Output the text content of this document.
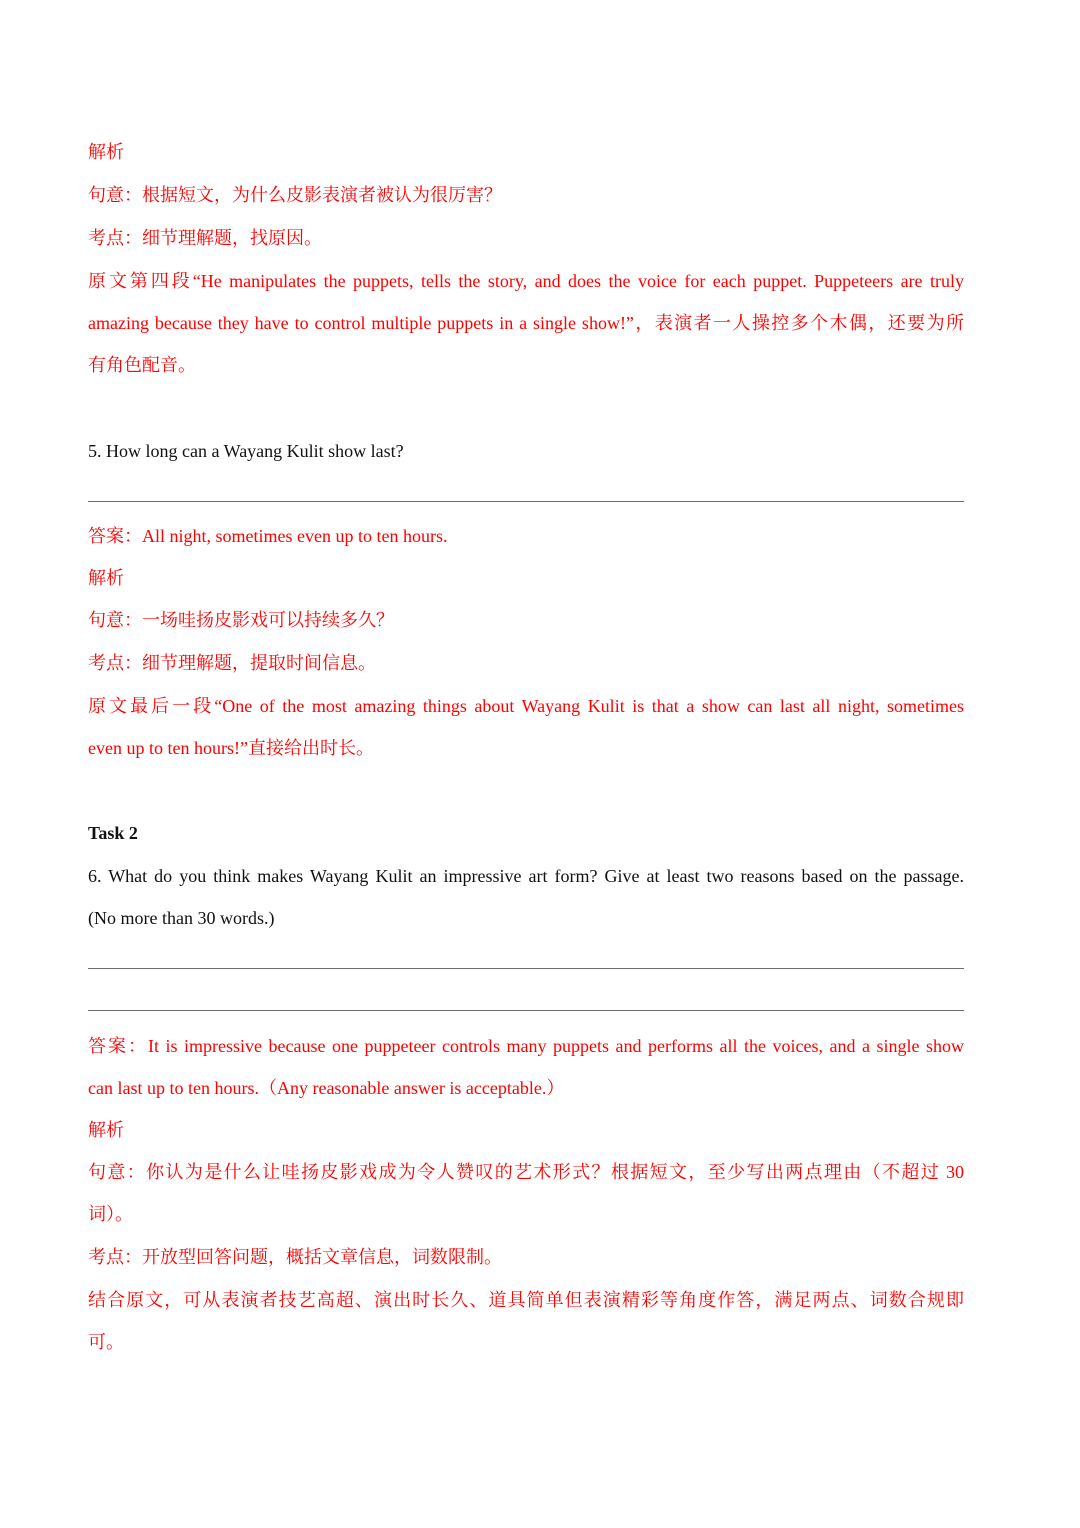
解析
句意：根据短文，为什么皮影表演者被认为很厉害？
考点：细节理解题，找原因。
原文第四段“He manipulates the puppets, tells the story, and does the voice for each puppet. Puppeteers are truly
amazing because they have to control multiple puppets in a single show!”，表演者一人操控多个木偶，还要为所
有角色配音。
5. How long can a Wayang Kulit show last?
答案：All night, sometimes even up to ten hours.
解析
句意：一场哇扬皮影戏可以持续多久？
考点：细节理解题，提取时间信息。
原文最后一段“One of the most amazing things about Wayang Kulit is that a show can last all night, sometimes
even up to ten hours!”直接给出时长。
Task 2
6. What do you think makes Wayang Kulit an impressive art form? Give at least two reasons based on the passage.
(No more than 30 words.)
答案：It is impressive because one puppeteer controls many puppets and performs all the voices, and a single show
can last up to ten hours.（Any reasonable answer is acceptable.）
解析
句意：你认为是什么让哇扬皮影戏成为令人赞叹的艺术形式？根据短文，至少写出两点理由（不超过 30
词）。
考点：开放型回答问题，概括文章信息，词数限制。
结合原文，可从表演者技艺高超、演出时长久、道具简单但表演精彩等角度作答，满足两点、词数合规即
可。
